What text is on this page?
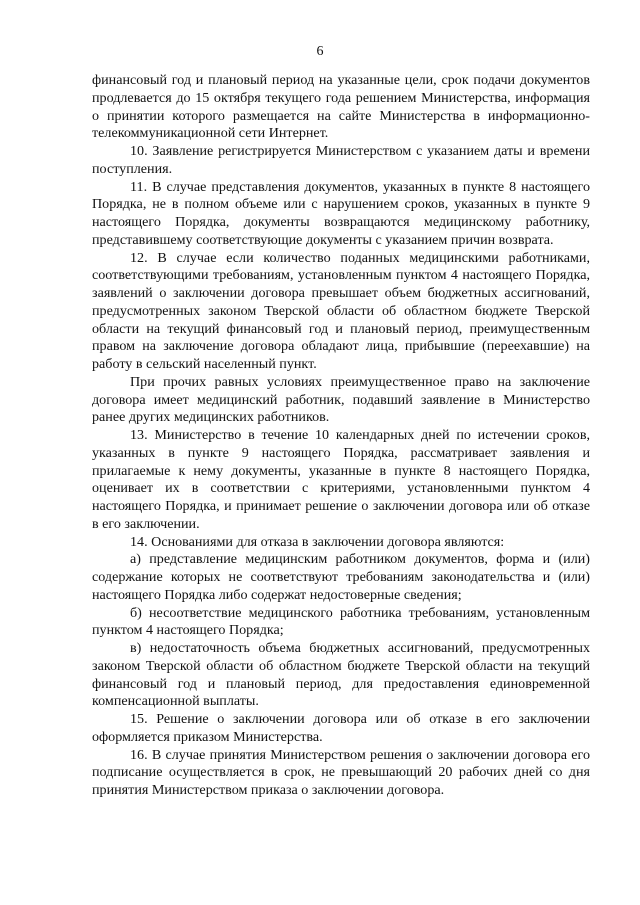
6

финансовый год и плановый период на указанные цели, срок подачи документов продлевается до 15 октября текущего года решением Министерства, информация о принятии которого размещается на сайте Министерства в информационно-телекоммуникационной сети Интернет.

10. Заявление регистрируется Министерством с указанием даты и времени поступления.

11. В случае представления документов, указанных в пункте 8 настоящего Порядка, не в полном объеме или с нарушением сроков, указанных в пункте 9 настоящего Порядка, документы возвращаются медицинскому работнику, представившему соответствующие документы с указанием причин возврата.

12. В случае если количество поданных медицинскими работниками, соответствующими требованиям, установленным пунктом 4 настоящего Порядка, заявлений о заключении договора превышает объем бюджетных ассигнований, предусмотренных законом Тверской области об областном бюджете Тверской области на текущий финансовый год и плановый период, преимущественным правом на заключение договора обладают лица, прибывшие (переехавшие) на работу в сельский населенный пункт.

При прочих равных условиях преимущественное право на заключение договора имеет медицинский работник, подавший заявление в Министерство ранее других медицинских работников.

13. Министерство в течение 10 календарных дней по истечении сроков, указанных в пункте 9 настоящего Порядка, рассматривает заявления и прилагаемые к нему документы, указанные в пункте 8 настоящего Порядка, оценивает их в соответствии с критериями, установленными пунктом 4 настоящего Порядка, и принимает решение о заключении договора или об отказе в его заключении.

14. Основаниями для отказа в заключении договора являются:

а) представление медицинским работником документов, форма и (или) содержание которых не соответствуют требованиям законодательства и (или) настоящего Порядка либо содержат недостоверные сведения;

б) несоответствие медицинского работника требованиям, установленным пунктом 4 настоящего Порядка;

в) недостаточность объема бюджетных ассигнований, предусмотренных законом Тверской области об областном бюджете Тверской области на текущий финансовый год и плановый период, для предоставления единовременной компенсационной выплаты.

15. Решение о заключении договора или об отказе в его заключении оформляется приказом Министерства.

16. В случае принятия Министерством решения о заключении договора его подписание осуществляется в срок, не превышающий 20 рабочих дней со дня принятия Министерством приказа о заключении договора.
